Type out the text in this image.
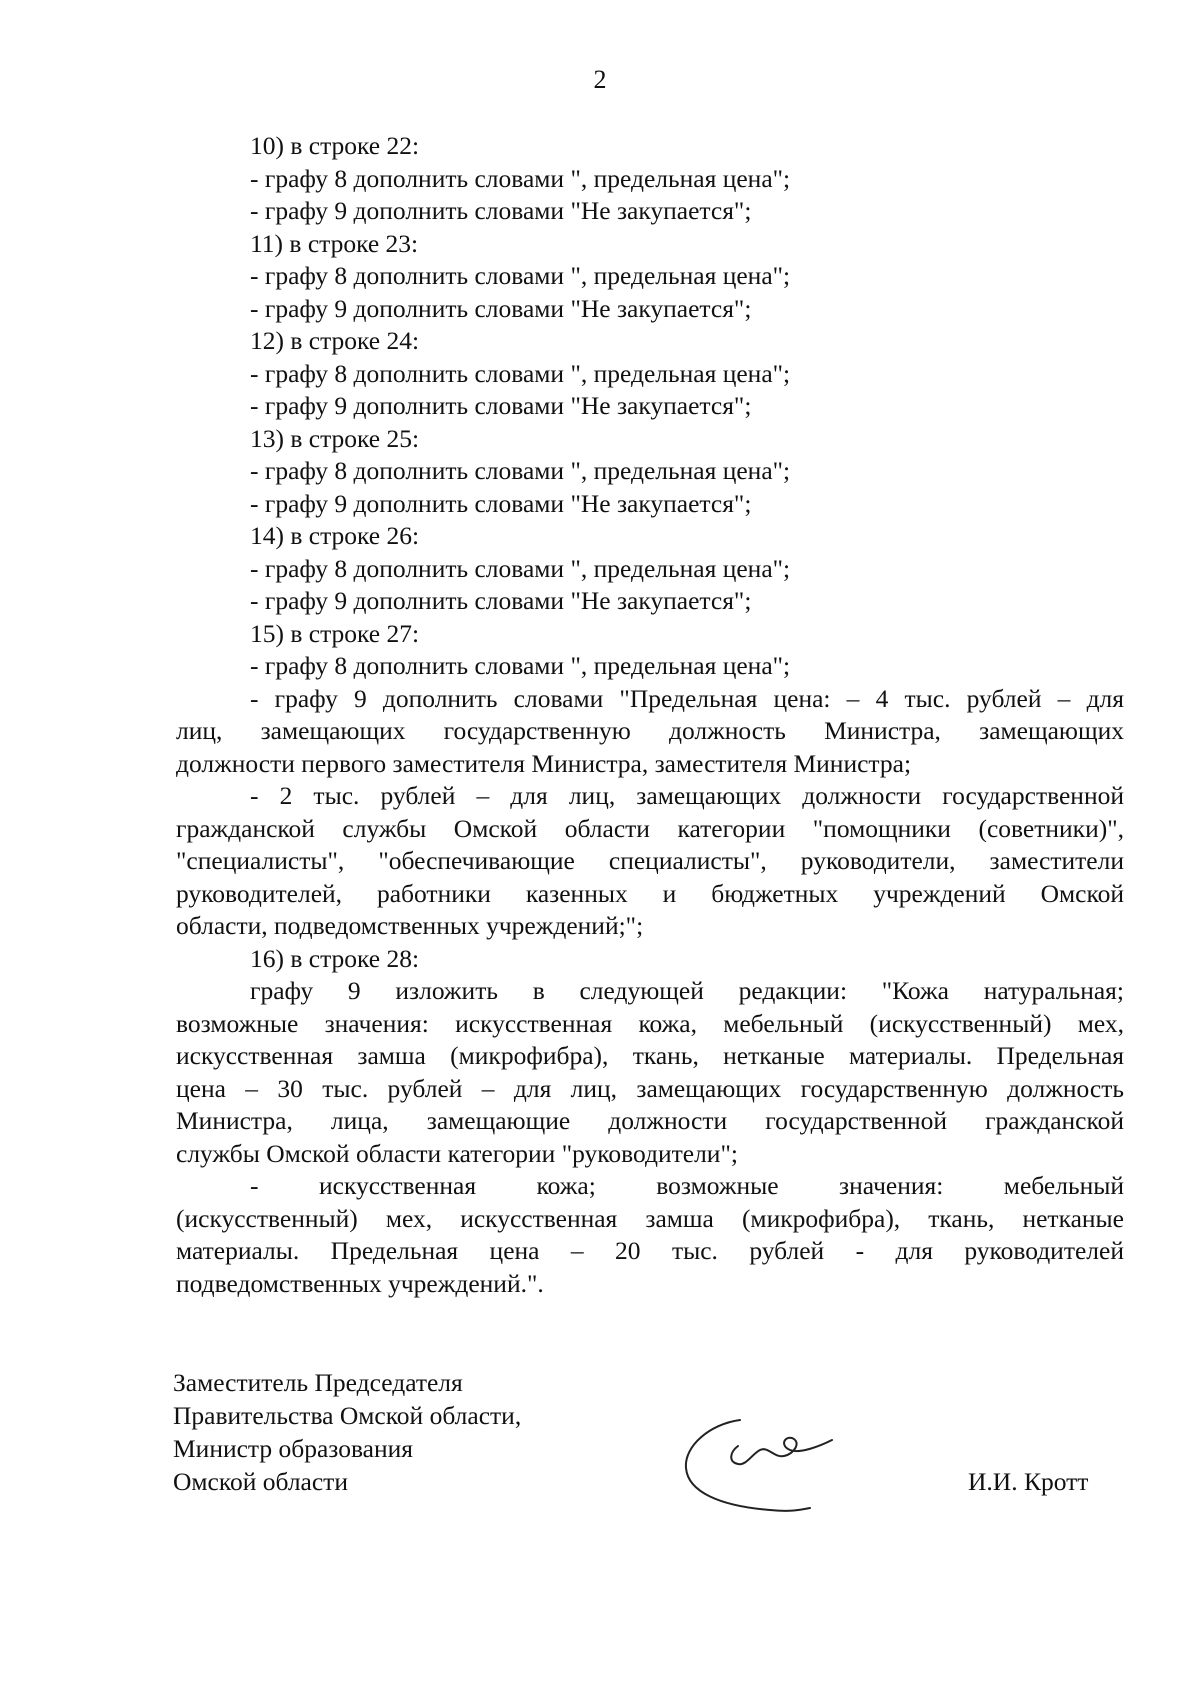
2
10) в строке 22:
- графу 8 дополнить словами ", предельная цена";
- графу 9 дополнить словами "Не закупается";
11) в строке 23:
- графу 8 дополнить словами ", предельная цена";
- графу 9 дополнить словами "Не закупается";
12) в строке 24:
- графу 8 дополнить словами ", предельная цена";
- графу 9 дополнить словами "Не закупается";
13) в строке 25:
- графу 8 дополнить словами ", предельная цена";
- графу 9 дополнить словами "Не закупается";
14) в строке 26:
- графу 8 дополнить словами ", предельная цена";
- графу 9 дополнить словами "Не закупается";
15) в строке 27:
- графу 8 дополнить словами ", предельная цена";
- графу 9 дополнить словами "Предельная цена: – 4 тыс. рублей – для
лиц, замещающих государственную должность Министра, замещающих
должности первого заместителя Министра, заместителя Министра;
- 2 тыс. рублей – для лиц, замещающих должности государственной
гражданской службы Омской области категории "помощники (советники)",
"специалисты", "обеспечивающие специалисты", руководители, заместители
руководителей, работники казенных и бюджетных учреждений Омской
области, подведомственных учреждений;";
16) в строке 28:
графу 9 изложить в следующей редакции: "Кожа натуральная;
возможные значения: искусственная кожа, мебельный (искусственный) мех,
искусственная замша (микрофибра), ткань, нетканые материалы. Предельная
цена – 30 тыс. рублей – для лиц, замещающих государственную должность
Министра, лица, замещающие должности государственной гражданской
службы Омской области категории "руководители";
- искусственная кожа; возможные значения: мебельный
(искусственный) мех, искусственная замша (микрофибра), ткань, нетканые
материалы. Предельная цена – 20 тыс. рублей - для руководителей
подведомственных учреждений.".
Заместитель Председателя
Правительства Омской области,
Министр образования
Омской области	И.И. Кротт
